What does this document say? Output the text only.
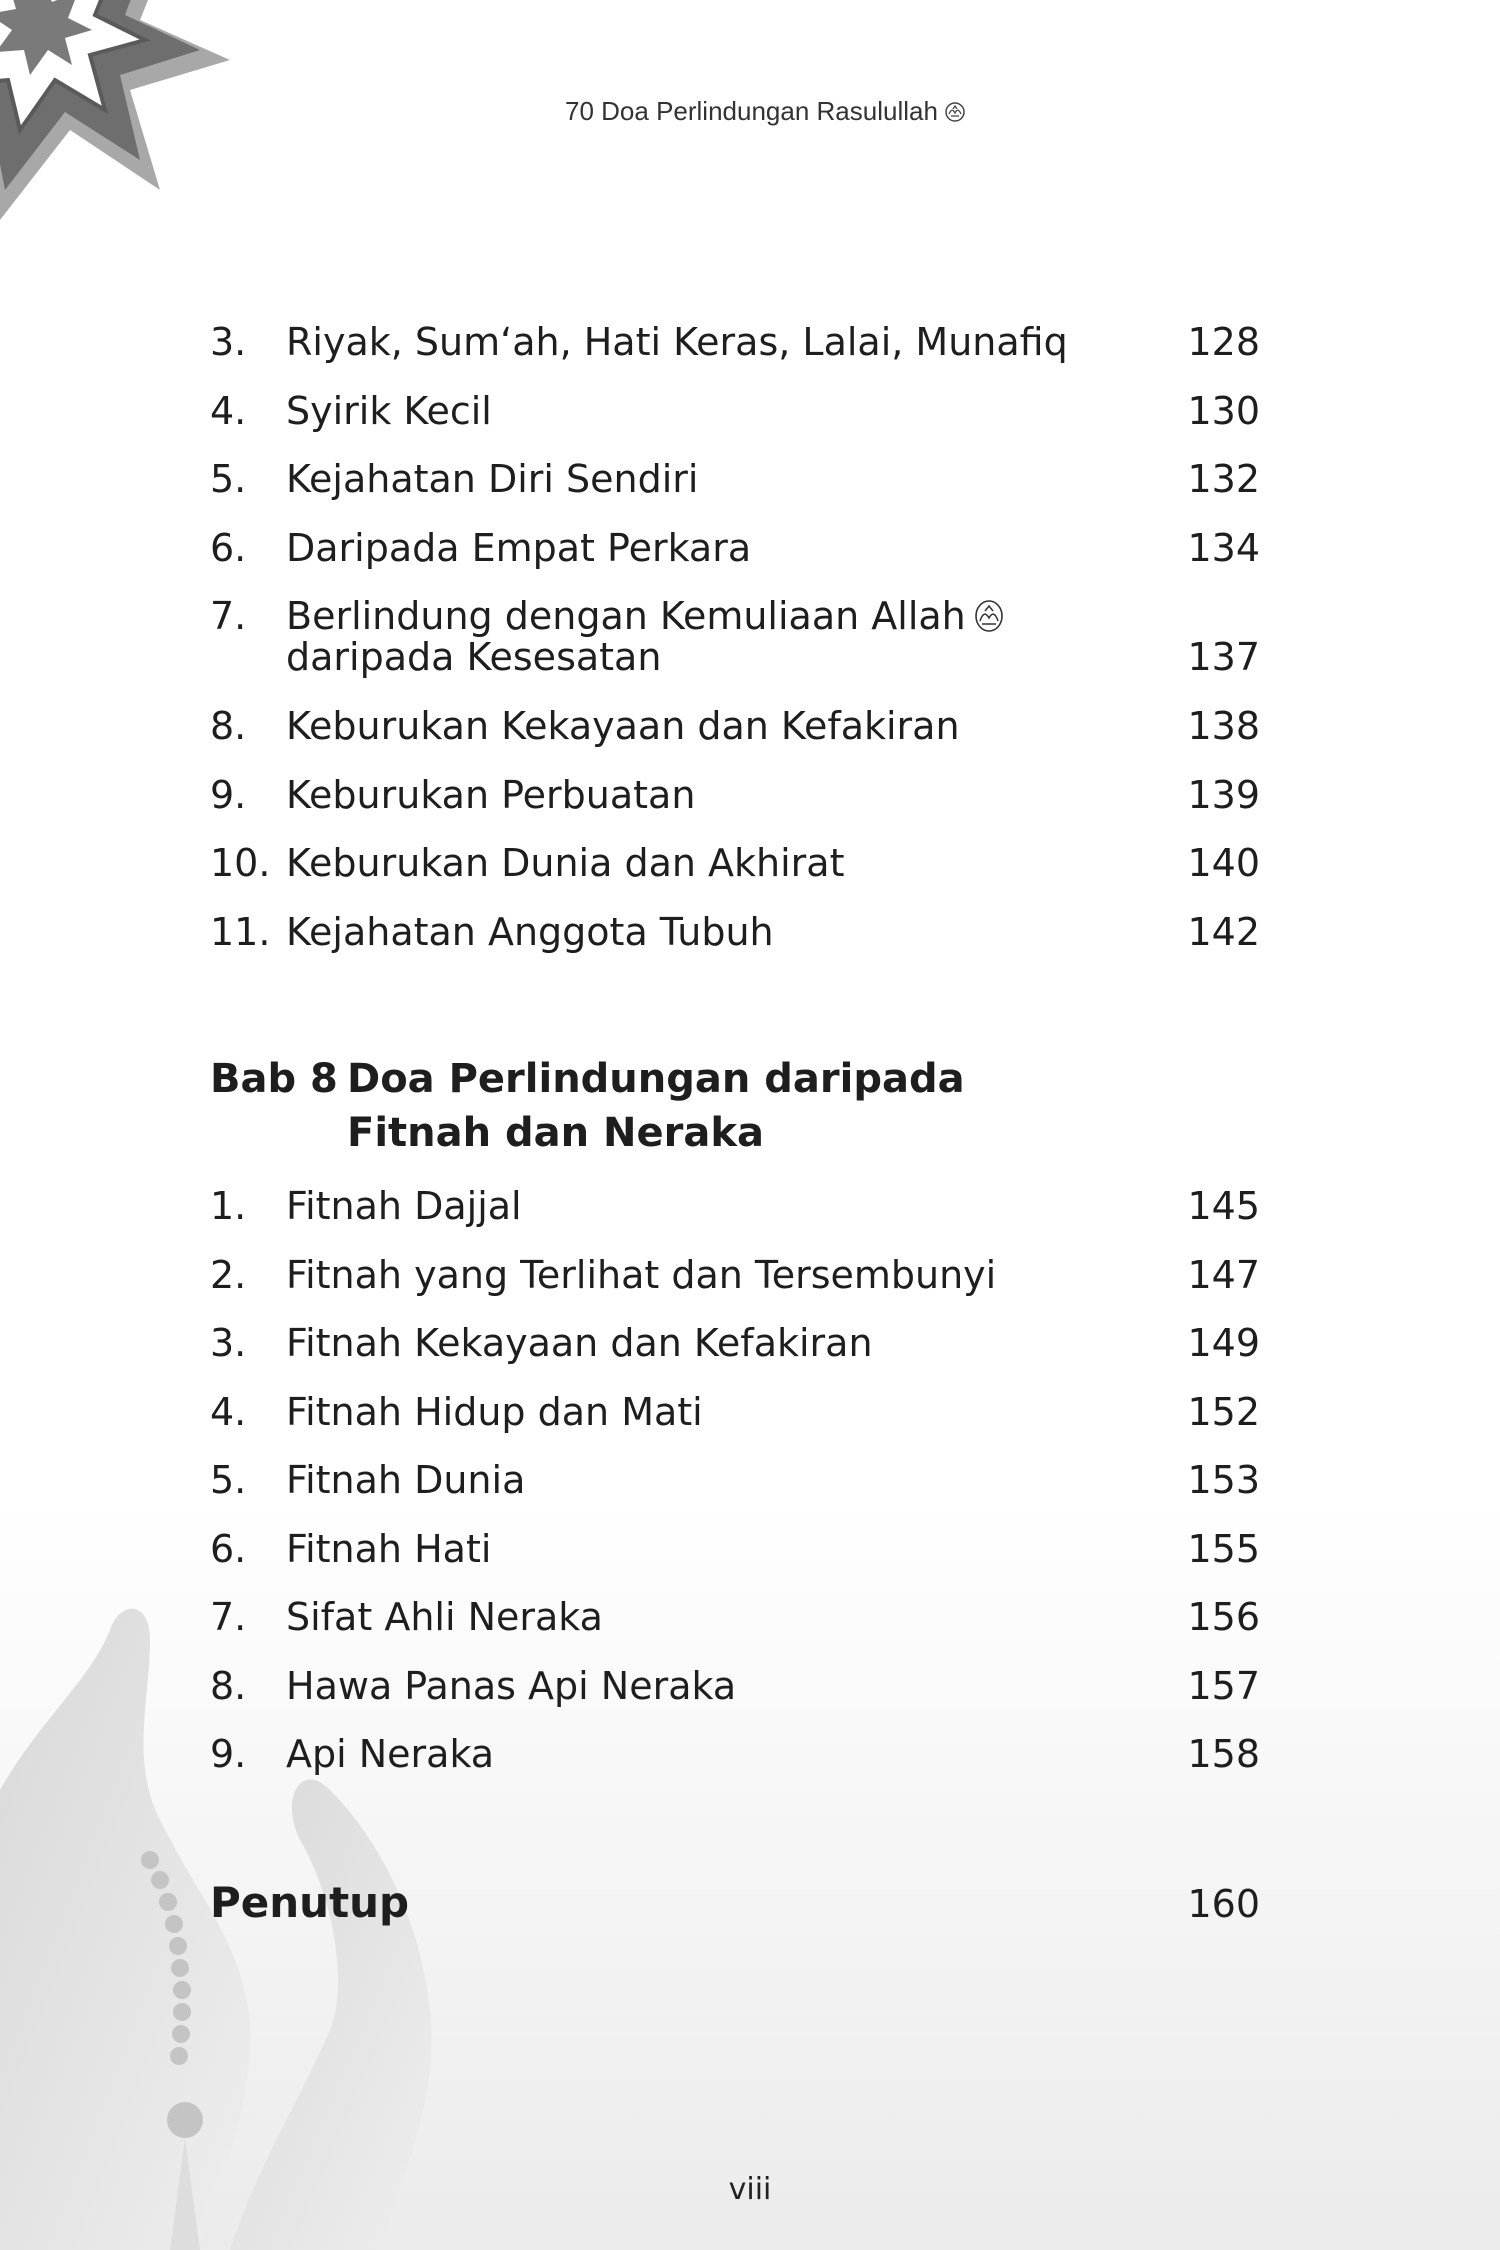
70 Doa Perlindungan Rasulullah
3. Riyak, Sum‘ah, Hati Keras, Lalai, Munafiq	128
4. Syirik Kecil	130
5. Kejahatan Diri Sendiri	132
6. Daripada Empat Perkara	134
7. Berlindung dengan Kemuliaan Allah
daripada Kesesatan	137
8. Keburukan Kekayaan dan Kefakiran	138
9. Keburukan Perbuatan	139
10. Keburukan Dunia dan Akhirat	140
11. Kejahatan Anggota Tubuh	142
Bab 8 Doa Perlindungan daripada
Fitnah dan Neraka
1. Fitnah Dajjal	145
2. Fitnah yang Terlihat dan Tersembunyi	147
3. Fitnah Kekayaan dan Kefakiran	149
4. Fitnah Hidup dan Mati	152
5. Fitnah Dunia	153
6. Fitnah Hati	155
7. Sifat Ahli Neraka	156
8. Hawa Panas Api Neraka	157
9. Api Neraka	158
Penutup	160
viii
